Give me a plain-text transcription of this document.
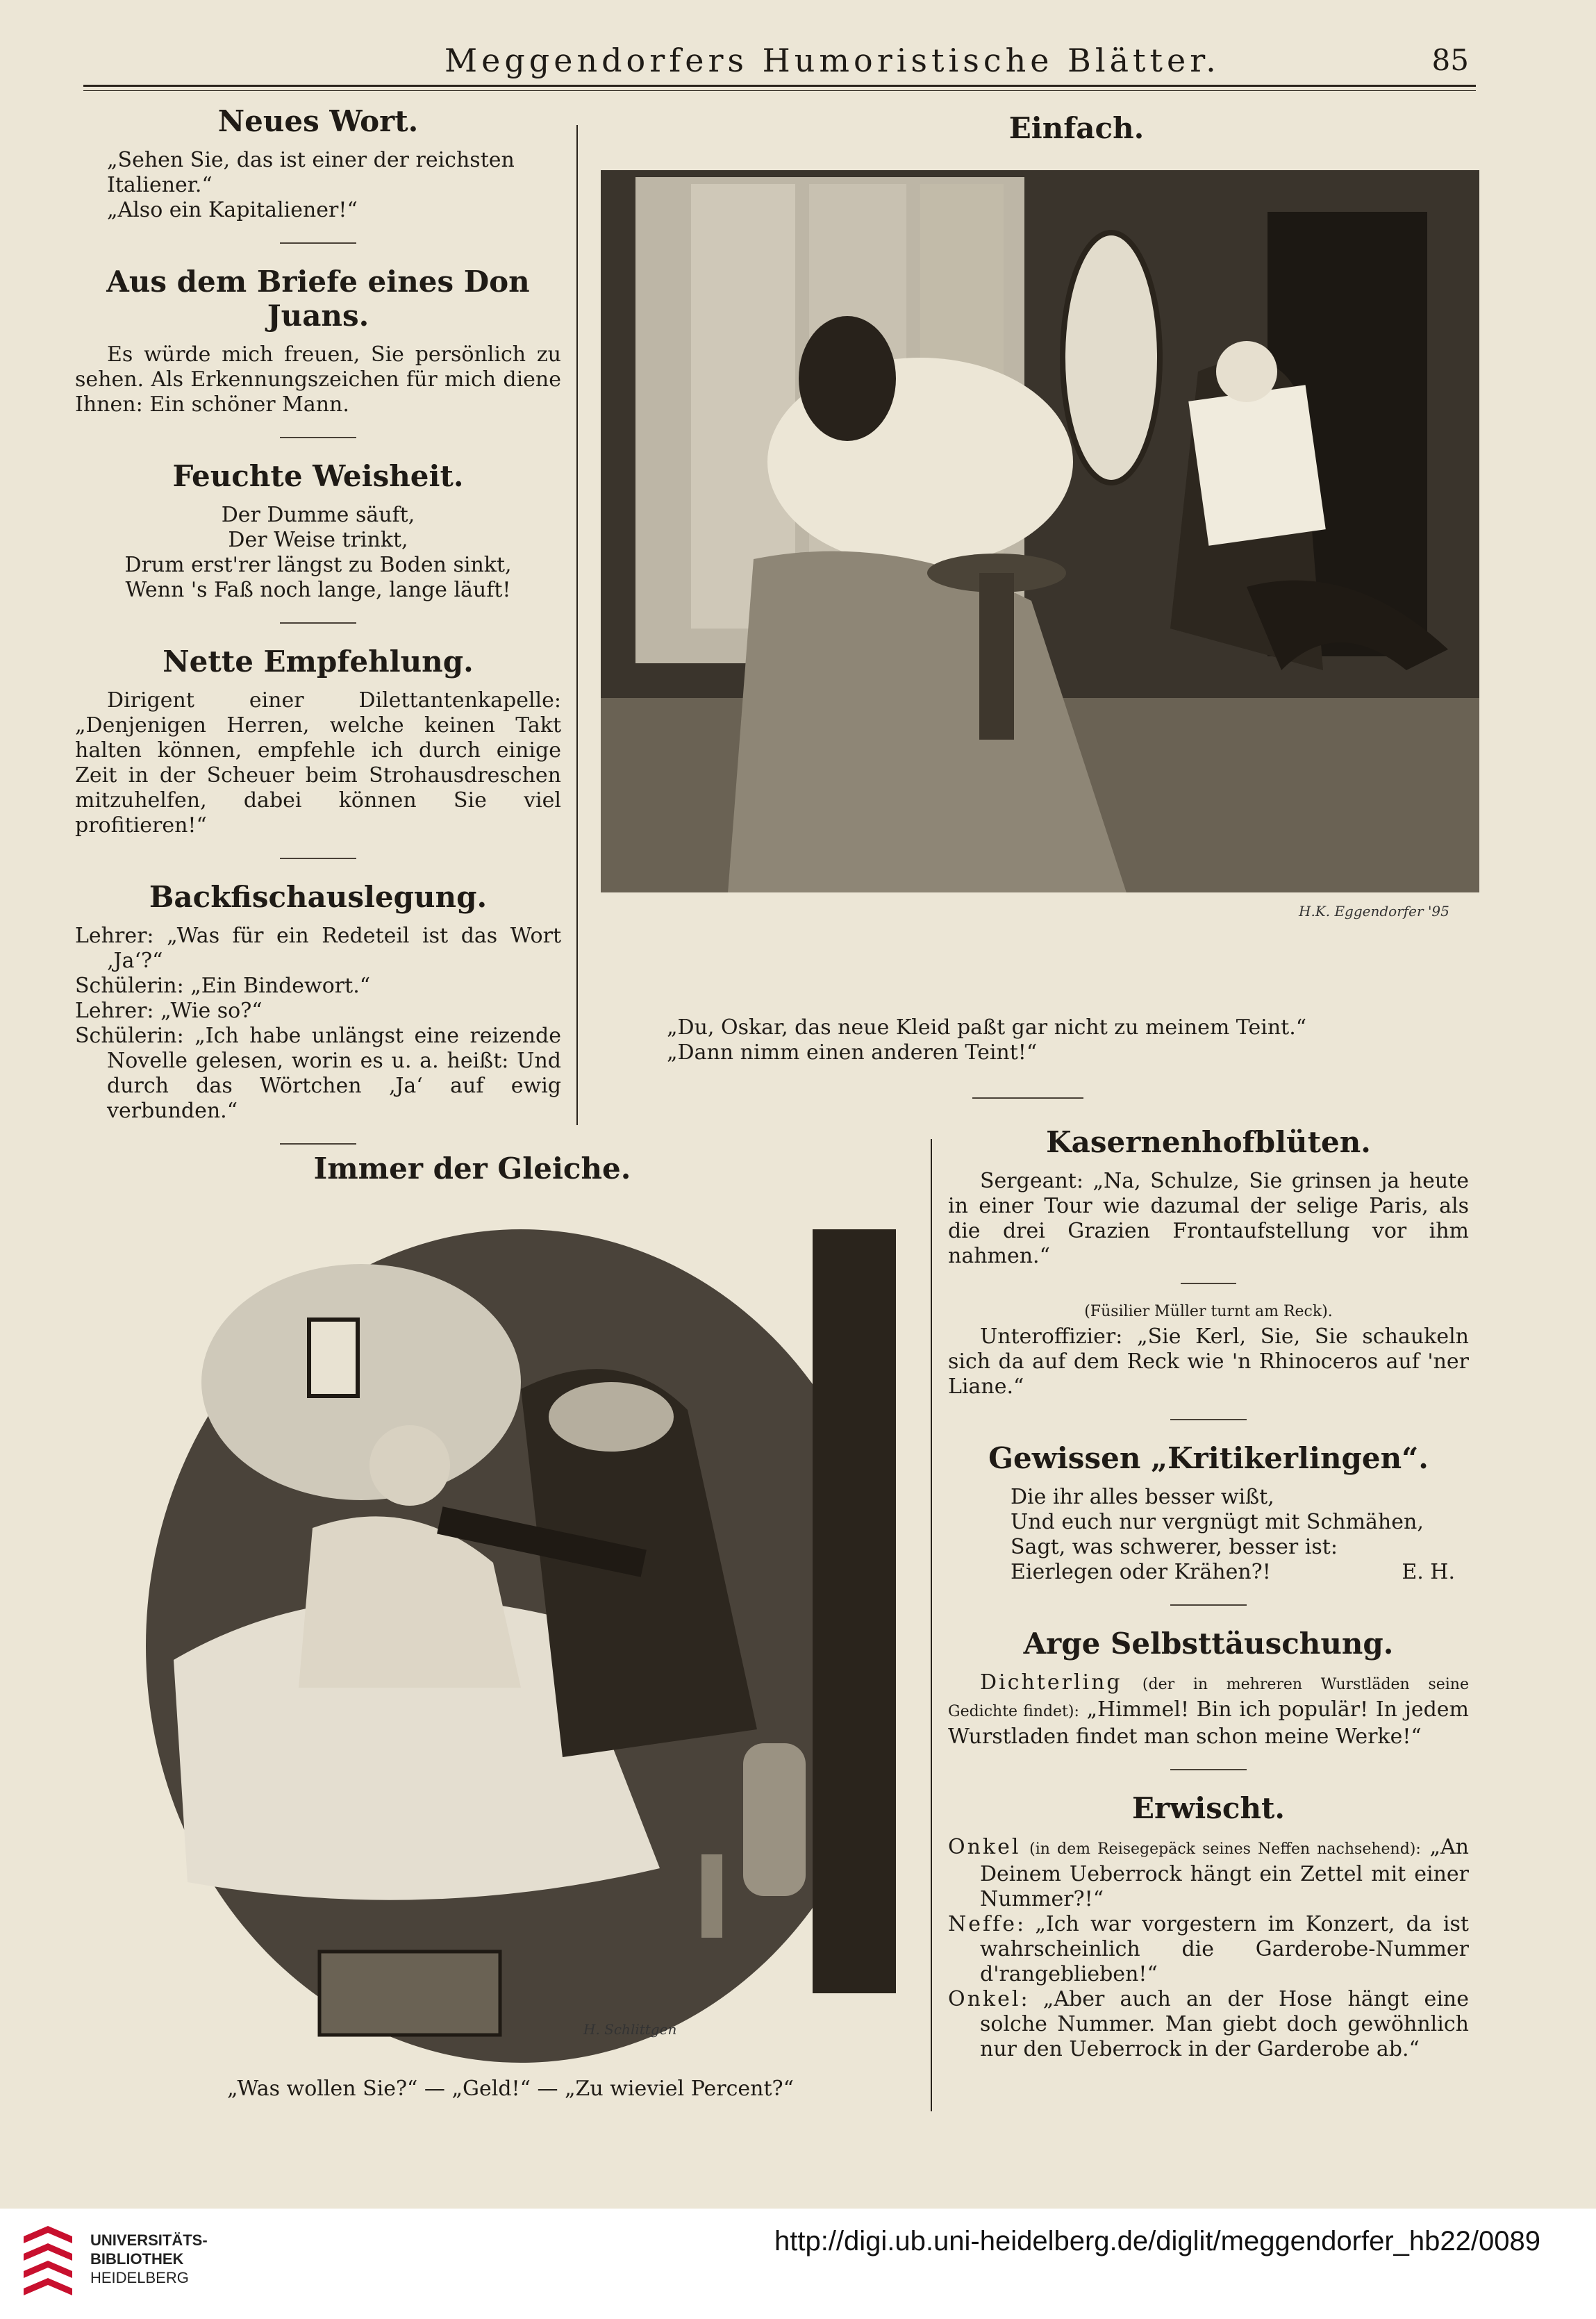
Meggendorfers Humoristische Blätter.	85
Neues Wort.

„Sehen Sie, das ist einer der reichsten

Italiener.“

„Also ein Kapitaliener!“

Aus dem Briefe eines Don Juans.

Es würde mich freuen, Sie persönlich zu sehen. Als Erkennungszeichen für mich diene Ihnen: Ein schöner Mann.

Feuchte Weisheit.

Der Dumme säuft,

Der Weise trinkt,

Drum erst'rer längst zu Boden sinkt,

Wenn 's Faß noch lange, lange läuft!

Nette Empfehlung.

Dirigent einer Dilettantenkapelle: „Denjenigen Herren, welche keinen Takt halten können, empfehle ich durch einige Zeit in der Scheuer beim Strohausdreschen mitzuhelfen, dabei können Sie viel profitieren!“

Backfischauslegung.

Lehrer: „Was für ein Redeteil ist das Wort ‚Ja‘?“

Schülerin: „Ein Bindewort.“

Lehrer: „Wie so?“

Schülerin: „Ich habe unlängst eine reizende Novelle gelesen, worin es u. a. heißt: Und durch das Wörtchen ‚Ja‘ auf ewig verbunden.“

Einfach.
H.K. Eggendorfer '95
„Du, Oskar, das neue Kleid paßt gar nicht zu meinem Teint.“
„Dann nimm einen anderen Teint!“
Immer der Gleiche.
H. Schlittgen
„Was wollen Sie?“ — „Geld!“ — „Zu wieviel Percent?“
Kasernenhofblüten.

Sergeant: „Na, Schulze, Sie grinsen ja heute in einer Tour wie dazumal der selige Paris, als die drei Grazien Frontaufstellung vor ihm nahmen.“

(Füsilier Müller turnt am Reck).

Unteroffizier: „Sie Kerl, Sie, Sie schaukeln sich da auf dem Reck wie 'n Rhinoceros auf 'ner Liane.“

Gewissen „Kritikerlingen“.

Die ihr alles besser wißt,

Und euch nur vergnügt mit Schmähen,

Sagt, was schwerer, besser ist:

Eierlegen oder Krähen?!	E. H.
Arge Selbsttäuschung.

Dichterling (der in mehreren Wurstläden seine Gedichte findet): „Himmel! Bin ich populär! In jedem Wurstladen findet man schon meine Werke!“

Erwischt.

Onkel (in dem Reisegepäck seines Neffen nachsehend): „An Deinem Ueberrock hängt ein Zettel mit einer Nummer?!“

Neffe: „Ich war vorgestern im Konzert, da ist wahrscheinlich die Garderobe-Nummer d'rangeblieben!“

Onkel: „Aber auch an der Hose hängt eine solche Nummer. Man giebt doch gewöhnlich nur den Ueberrock in der Garderobe ab.“

UNIVERSITÄTS-
BIBLIOTHEK
HEIDELBERG
http://digi.ub.uni-heidelberg.de/diglit/meggendorfer_hb22/0089
